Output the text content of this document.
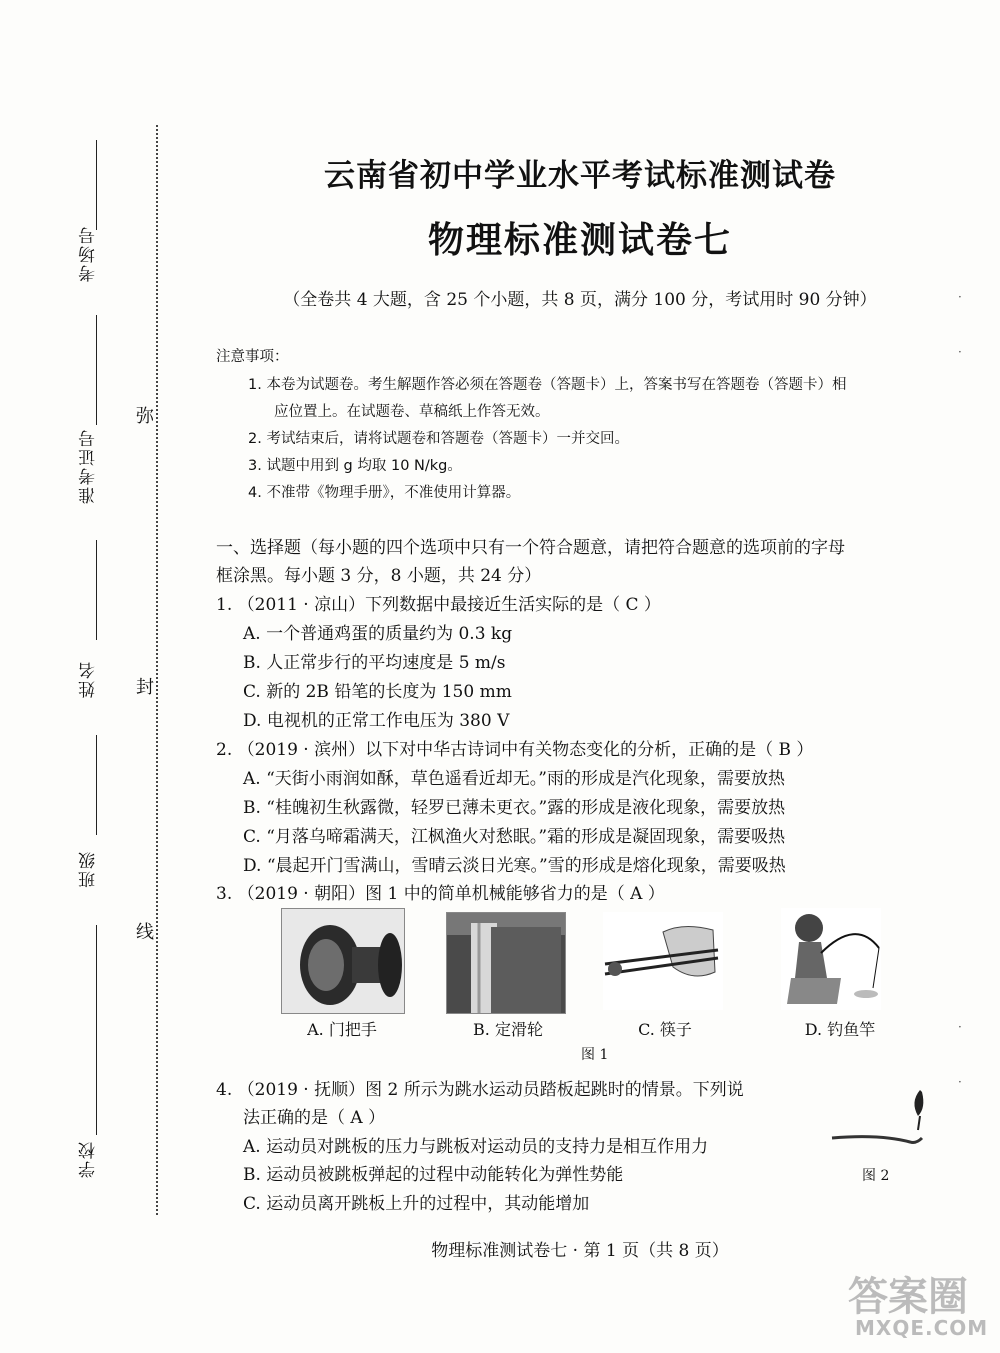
考场号
准考证号
姓名
班级
学校
弥
封
线
·
·
·
·
云南省初中学业水平考试标准测试卷
物理标准测试卷七
（全卷共 4 大题，含 25 个小题，共 8 页，满分 100 分，考试用时 90 分钟）
注意事项：
1. 本卷为试题卷。考生解题作答必须在答题卷（答题卡）上，答案书写在答题卷（答题卡）相
应位置上。在试题卷、草稿纸上作答无效。
2. 考试结束后，请将试题卷和答题卷（答题卡）一并交回。
3. 试题中用到 g 均取 10 N/kg。
4. 不准带《物理手册》，不准使用计算器。
一、选择题（每小题的四个选项中只有一个符合题意，请把符合题意的选项前的字母
框涂黑。每小题 3 分，8 小题，共 24 分）
1. （2011 · 凉山）下列数据中最接近生活实际的是（ C ）
A. 一个普通鸡蛋的质量约为 0.3 kg
B. 人正常步行的平均速度是 5 m/s
C. 新的 2B 铅笔的长度为 150 mm
D. 电视机的正常工作电压为 380 V
2. （2019 · 滨州）以下对中华古诗词中有关物态变化的分析，正确的是（ B ）
A. “天街小雨润如酥，草色遥看近却无。”雨的形成是汽化现象，需要放热
B. “桂魄初生秋露微，轻罗已薄未更衣。”露的形成是液化现象，需要放热
C. “月落乌啼霜满天，江枫渔火对愁眠。”霜的形成是凝固现象，需要吸热
D. “晨起开门雪满山，雪晴云淡日光寒。”雪的形成是熔化现象，需要吸热
3. （2019 · 朝阳）图 1 中的简单机械能够省力的是（ A ）
A. 门把手	B. 定滑轮	C. 筷子	D. 钓鱼竿
图 1
4. （2019 · 抚顺）图 2 所示为跳水运动员踏板起跳时的情景。下列说
法正确的是（ A ）
A. 运动员对跳板的压力与跳板对运动员的支持力是相互作用力
B. 运动员被跳板弹起的过程中动能转化为弹性势能
C. 运动员离开跳板上升的过程中，其动能增加
图 2
物理标准测试卷七 · 第 1 页（共 8 页）
答案圈
MXQE.COM
